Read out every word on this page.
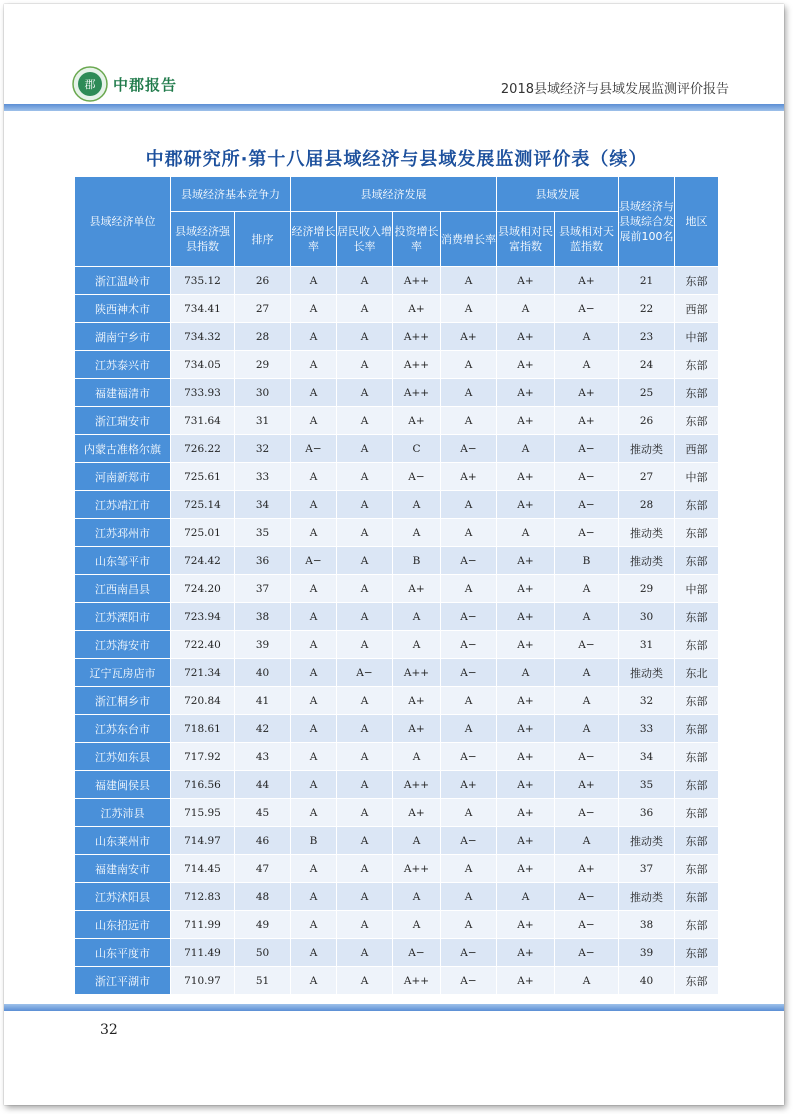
郡 中郡报告	2018县域经济与县域发展监测评价报告
中郡研究所·第十八届县域经济与县域发展监测评价表（续）
县域经济单位	县域经济基本竞争力		县域经济发展				县域发展		县域经济与县域综合发展前100名	地区
	县域经济强县指数	排序	经济增长率	居民收入增长率	投资增长率	消费增长率	县域相对民富指数	县域相对天蓝指数		
浙江温岭市	735.12	26	A	A	A++	A	A+	A+	21	东部
陕西神木市	734.41	27	A	A	A+	A	A	A−	22	西部
湖南宁乡市	734.32	28	A	A	A++	A+	A+	A	23	中部
江苏泰兴市	734.05	29	A	A	A++	A	A+	A	24	东部
福建福清市	733.93	30	A	A	A++	A	A+	A+	25	东部
浙江瑞安市	731.64	31	A	A	A+	A	A+	A+	26	东部
内蒙古准格尔旗	726.22	32	A−	A	C	A−	A	A−	推动类	西部
河南新郑市	725.61	33	A	A	A−	A+	A+	A−	27	中部
江苏靖江市	725.14	34	A	A	A	A	A+	A−	28	东部
江苏邳州市	725.01	35	A	A	A	A	A	A−	推动类	东部
山东邹平市	724.42	36	A−	A	B	A−	A+	B	推动类	东部
江西南昌县	724.20	37	A	A	A+	A	A+	A	29	中部
江苏溧阳市	723.94	38	A	A	A	A−	A+	A	30	东部
江苏海安市	722.40	39	A	A	A	A−	A+	A−	31	东部
辽宁瓦房店市	721.34	40	A	A−	A++	A−	A	A	推动类	东北
浙江桐乡市	720.84	41	A	A	A+	A	A+	A	32	东部
江苏东台市	718.61	42	A	A	A+	A	A+	A	33	东部
江苏如东县	717.92	43	A	A	A	A−	A+	A−	34	东部
福建闽侯县	716.56	44	A	A	A++	A+	A+	A+	35	东部
江苏沛县	715.95	45	A	A	A+	A	A+	A−	36	东部
山东莱州市	714.97	46	B	A	A	A−	A+	A	推动类	东部
福建南安市	714.45	47	A	A	A++	A	A+	A+	37	东部
江苏沭阳县	712.83	48	A	A	A	A	A	A−	推动类	东部
山东招远市	711.99	49	A	A	A	A	A+	A−	38	东部
山东平度市	711.49	50	A	A	A−	A−	A+	A−	39	东部
浙江平湖市	710.97	51	A	A	A++	A−	A+	A	40	东部
32
